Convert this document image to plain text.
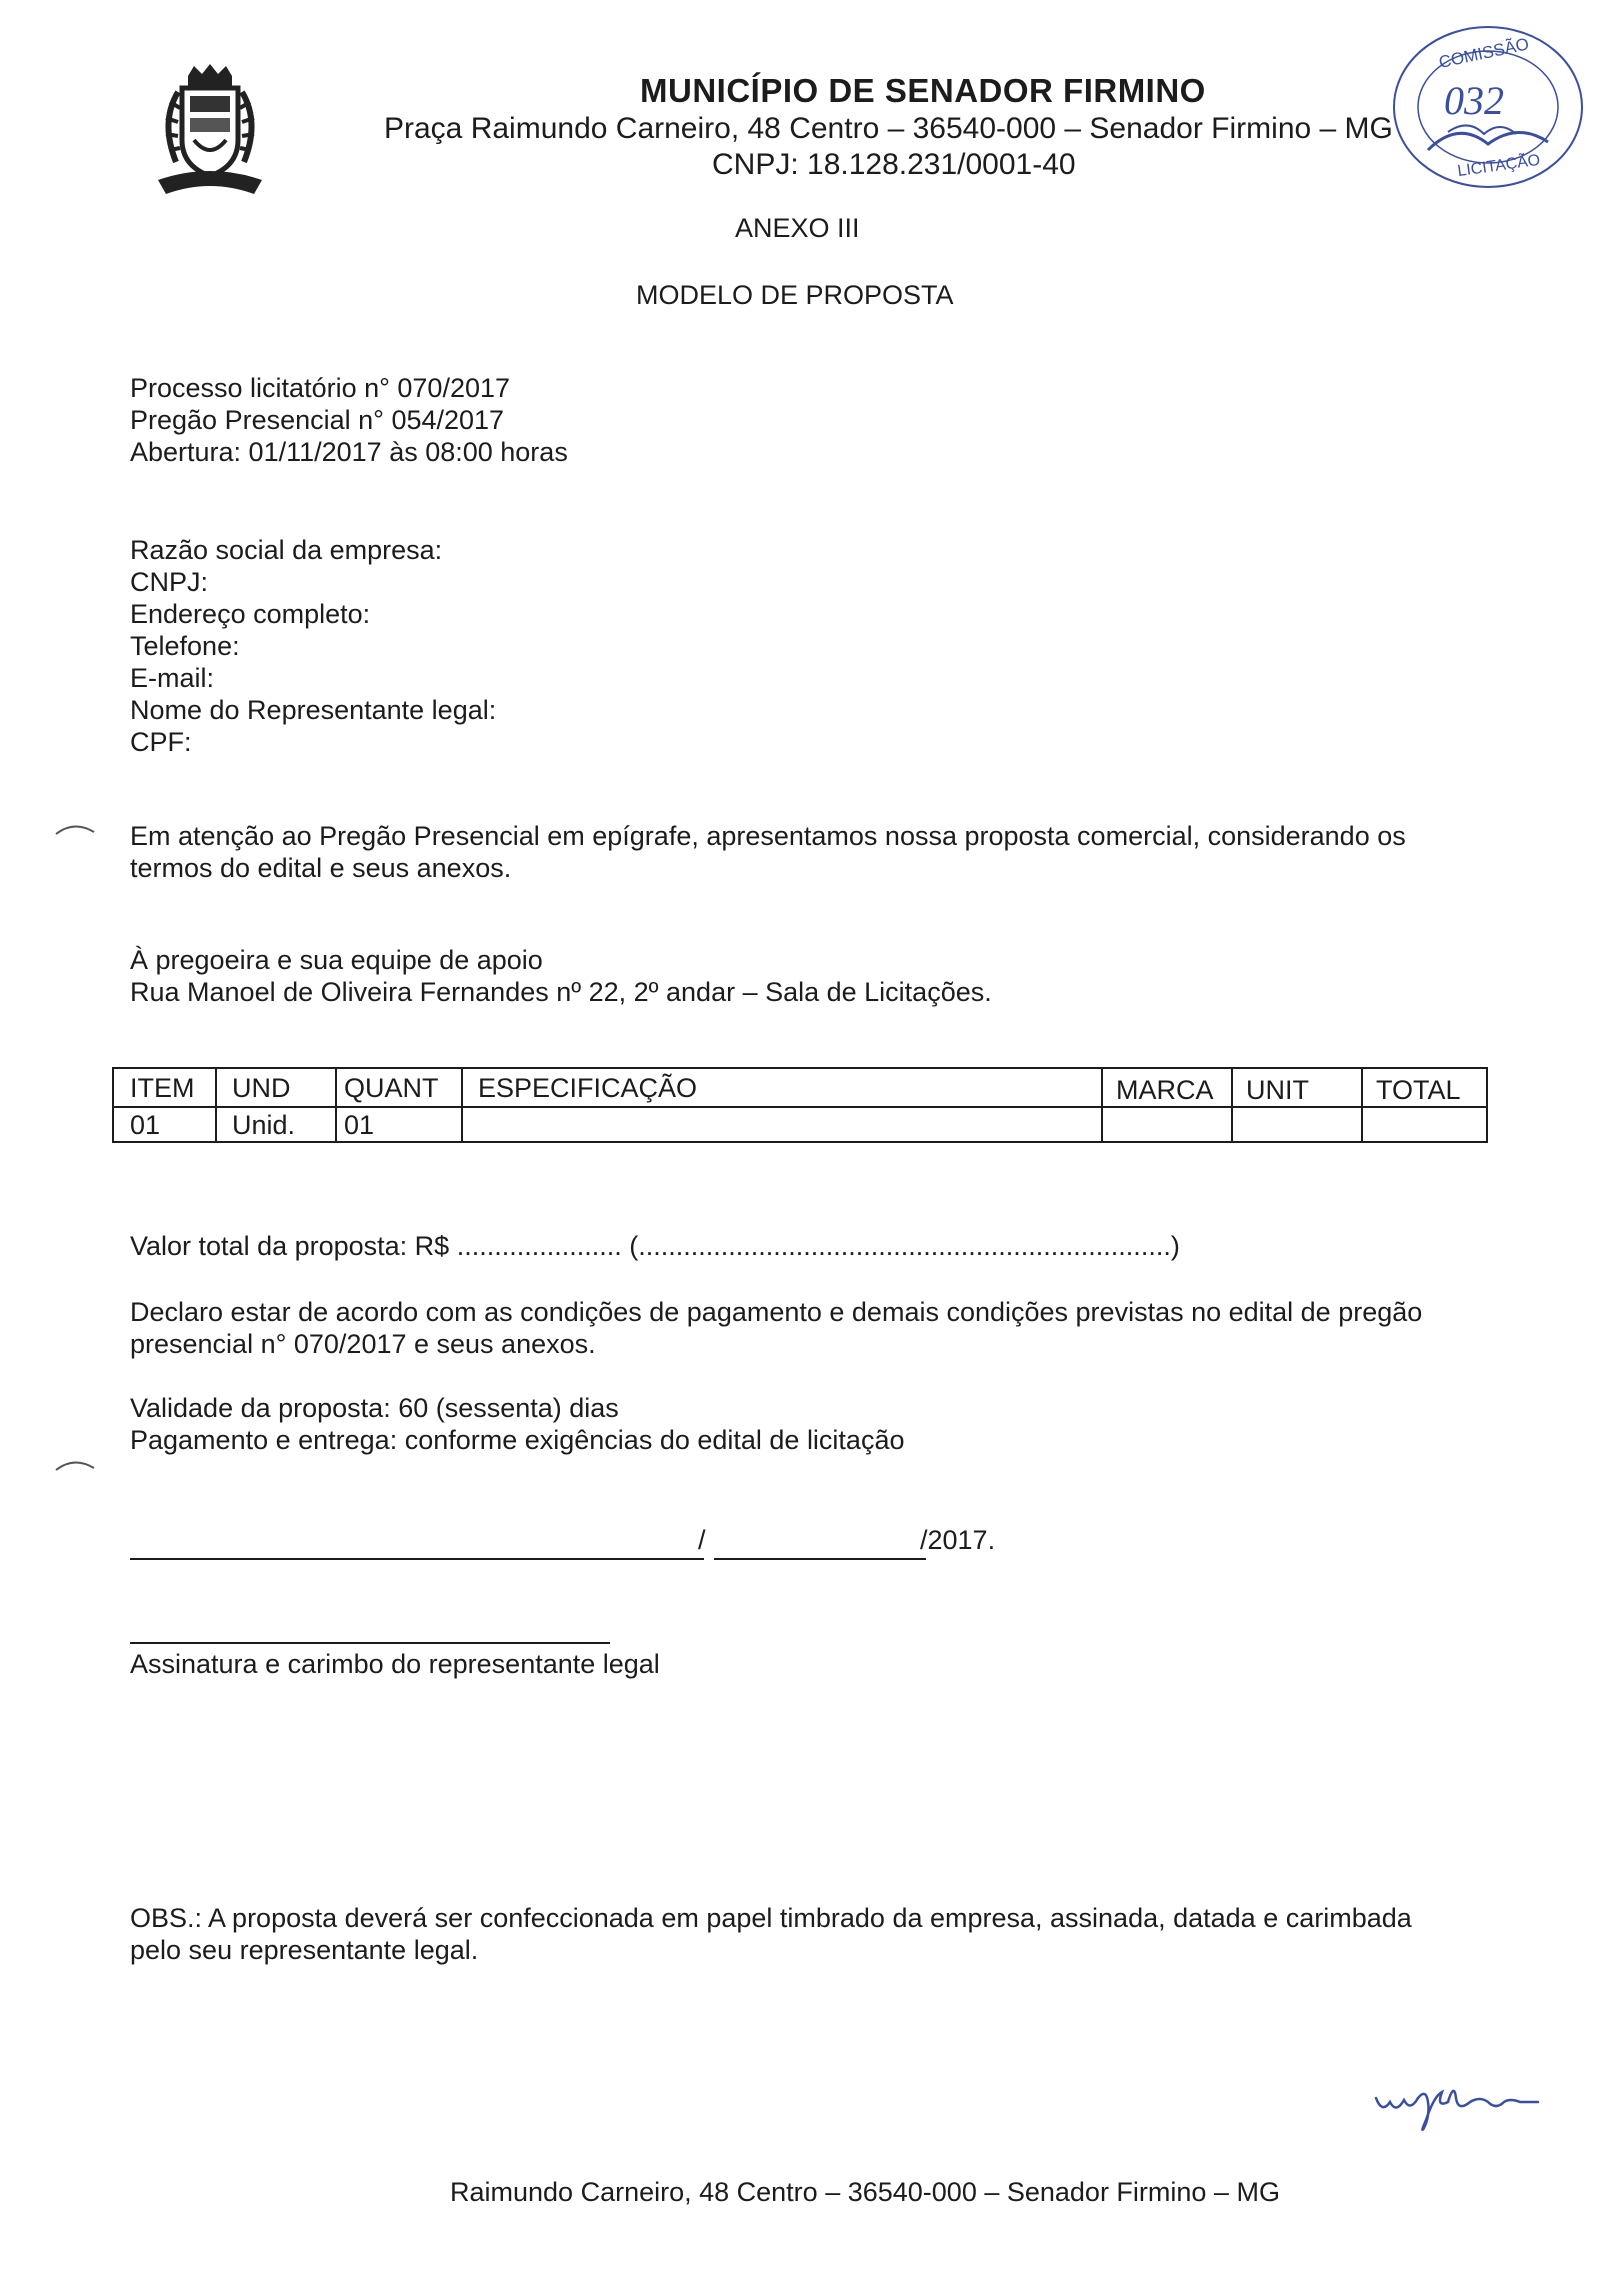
MUNICÍPIO DE SENADOR FIRMINO
Praça Raimundo Carneiro, 48 Centro – 36540-000 – Senador Firmino – MG
CNPJ: 18.128.231/0001-40
COMISSÃO
032
LICITAÇÃO
ANEXO III
MODELO DE PROPOSTA
Processo licitatório n° 070/2017
Pregão Presencial n° 054/2017
Abertura: 01/11/2017 às 08:00 horas
Razão social da empresa:
CNPJ:
Endereço completo:
Telefone:
E-mail:
Nome do Representante legal:
CPF:
Em atenção ao Pregão Presencial em epígrafe, apresentamos nossa proposta comercial, considerando os
termos do edital e seus anexos.
À pregoeira e sua equipe de apoio
Rua Manoel de Oliveira Fernandes nº 22, 2º andar – Sala de Licitações.
ITEM UND QUANT ESPECIFICAÇÃO	MARCA UNIT TOTAL
01	Unid. 01
Valor total da proposta: R$ ...................... (.......................................................................)
Declaro estar de acordo com as condições de pagamento e demais condições previstas no edital de pregão
presencial n° 070/2017 e seus anexos.
Validade da proposta: 60 (sessenta) dias
Pagamento e entrega: conforme exigências do edital de licitação
/	/2017.
Assinatura e carimbo do representante legal
OBS.: A proposta deverá ser confeccionada em papel timbrado da empresa, assinada, datada e carimbada
pelo seu representante legal.
Raimundo Carneiro, 48 Centro – 36540-000 – Senador Firmino – MG
